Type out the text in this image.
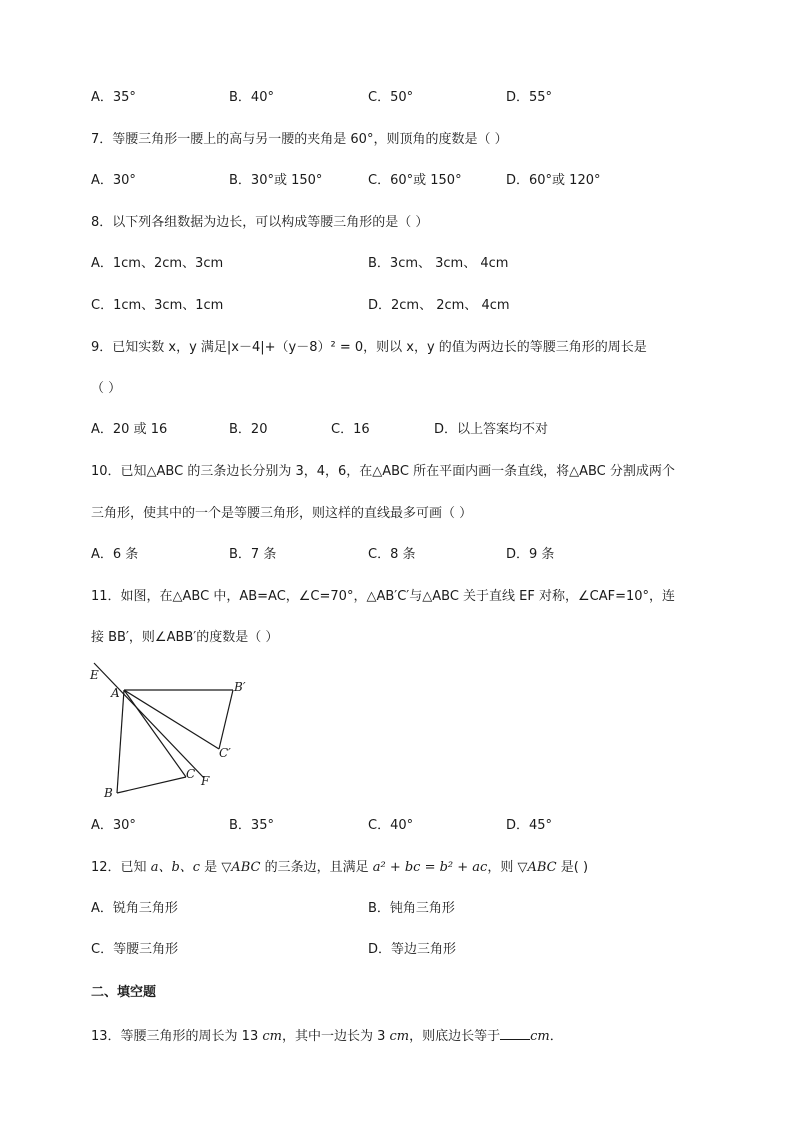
A．35°	B．40°	C．50°	D．55°
7．等腰三角形一腰上的高与另一腰的夹角是 60°，则顶角的度数是（ ）
A．30°	B．30°或 150°	C．60°或 150°	D．60°或 120°
8．以下列各组数据为边长，可以构成等腰三角形的是（ ）
A．1cm、2cm、3cm	B．3cm、 3cm、 4cm
C．1cm、3cm、1cm	D．2cm、 2cm、 4cm
9．已知实数 x，y 满足|x－4|+（y－8）² = 0，则以 x，y 的值为两边长的等腰三角形的周长是
（ ）
A．20 或 16	B．20	C．16	D．以上答案均不对
10．已知△ABC 的三条边长分别为 3，4，6，在△ABC 所在平面内画一条直线，将△ABC 分割成两个
三角形，使其中的一个是等腰三角形，则这样的直线最多可画（ ）
A．6 条	B．7 条	C．8 条	D．9 条
11．如图，在△ABC 中，AB=AC，∠C=70°，△AB′C′与△ABC 关于直线 EF 对称，∠CAF=10°，连
接 BB′，则∠ABB′的度数是（ ）
E
A	B′
C′
C F
B
A．30°	B．35°	C．40°	D．45°
12．已知 a、b、c 是 ▽ABC 的三条边，且满足 a² + bc = b² + ac，则 ▽ABC 是( )
A．锐角三角形	B．钝角三角形
C．等腰三角形	D．等边三角形
二、填空题
13．等腰三角形的周长为 13 cm，其中一边长为 3 cm，则底边长等于 cm．
